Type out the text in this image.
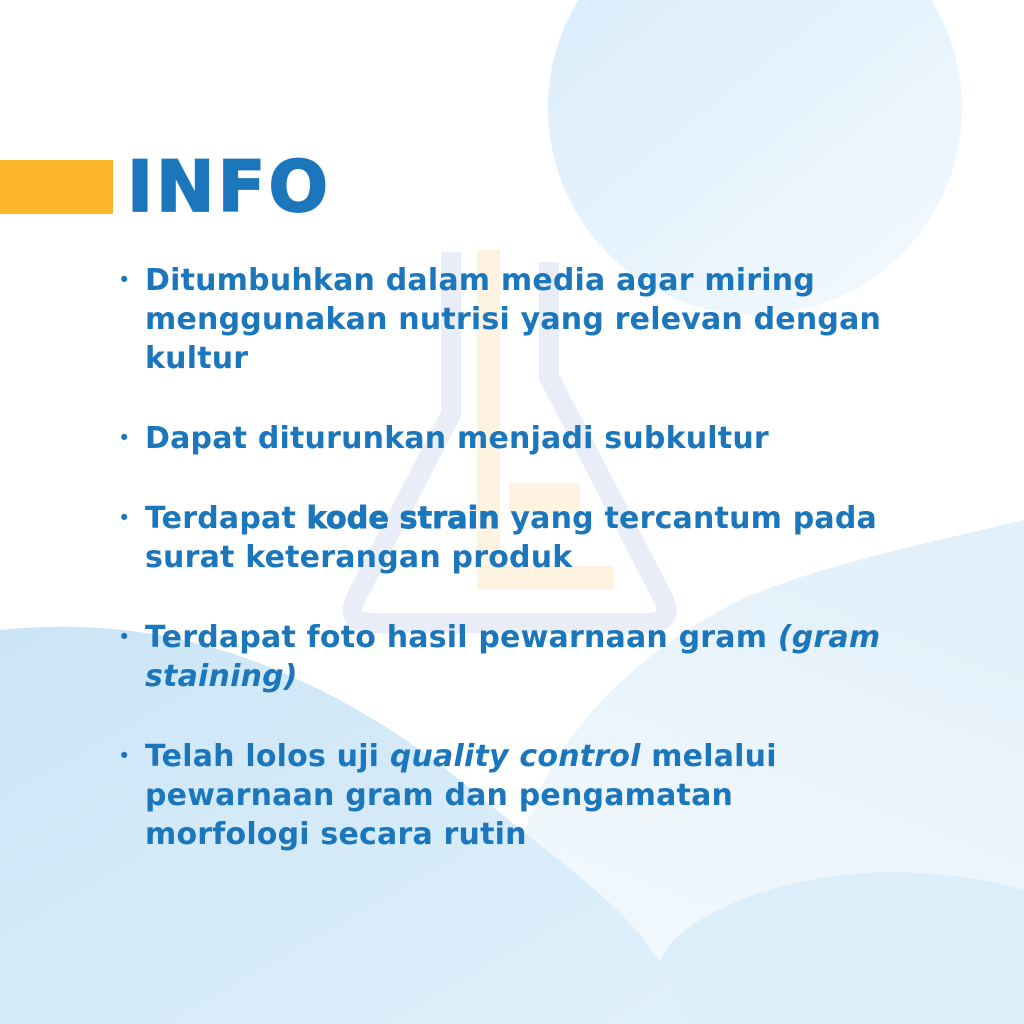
INFO
• Ditumbuhkan dalam media agar miring menggunakan nutrisi yang relevan dengan kultur

• Dapat diturunkan menjadi subkultur

• Terdapat kode strain yang tercantum pada surat keterangan produk

• Terdapat foto hasil pewarnaan gram (gram staining)

• Telah lolos uji quality control melalui pewarnaan gram dan pengamatan morfologi secara rutin
